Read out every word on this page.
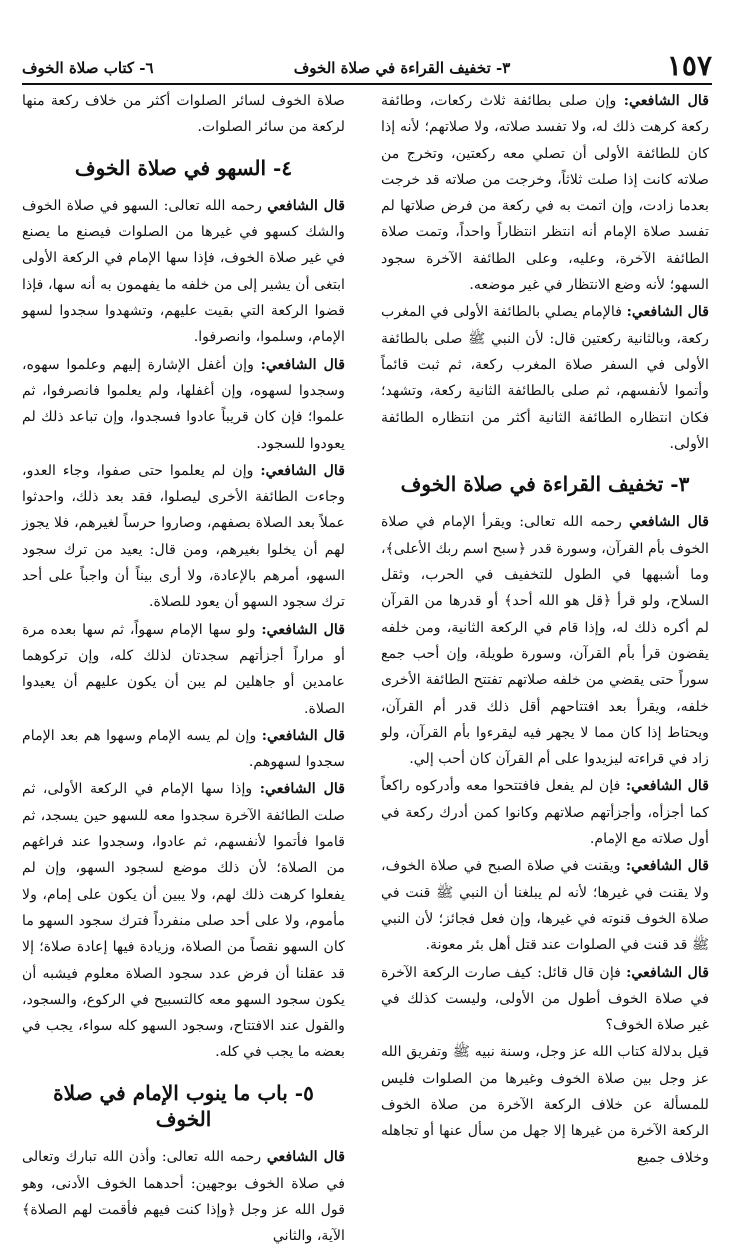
١٥٧
٣- تخفيف القراءة في صلاة الخوف
٦- كتاب صلاة الخوف

قال الشافعي: وإن صلى بطائفة ثلاث ركعات، وطائفة ركعة كرهت ذلك له، ولا تفسد صلاته، ولا صلاتهم؛ لأنه إذا كان للطائفة الأولى أن تصلي معه ركعتين، وتخرج من صلاته كانت إذا صلت ثلاثاً، وخرجت من صلاته قد خرجت بعدما زادت، وإن اتمت به في ركعة من فرض صلاتها لم تفسد صلاة الإمام أنه انتظر انتظاراً واحداً، وتمت صلاة الطائفة الآخرة، وعليه، وعلى الطائفة الآخرة سجود السهو؛ لأنه وضع الانتظار في غير موضعه.

قال الشافعي: فالإمام يصلي بالطائفة الأولى في المغرب ركعة، وبالثانية ركعتين قال: لأن النبي ﷺ صلى بالطائفة الأولى في السفر صلاة المغرب ركعة، ثم ثبت قائماً وأتموا لأنفسهم، ثم صلى بالطائفة الثانية ركعة، وتشهد؛ فكان انتظاره الطائفة الثانية أكثر من انتظاره الطائفة الأولى.

٣- تخفيف القراءة في صلاة الخوف

قال الشافعي رحمه الله تعالى: ويقرأ الإمام في صلاة الخوف بأم القرآن، وسورة قدر ﴿سبح اسم ربك الأعلى﴾، وما أشبهها في الطول للتخفيف في الحرب، وثقل السلاح، ولو قرأ ﴿قل هو الله أحد﴾ أو قدرها من القرآن لم أكره ذلك له، وإذا قام في الركعة الثانية، ومن خلفه يقضون قرأ بأم القرآن، وسورة طويلة، وإن أحب جمع سوراً حتى يقضي من خلفه صلاتهم تفتتح الطائفة الأخرى خلفه، ويقرأ بعد افتتاحهم أقل ذلك قدر أم القرآن، ويحتاط إذا كان مما لا يجهر فيه ليقرءوا بأم القرآن، ولو زاد في قراءته ليزيدوا على أم القرآن كان أحب إلي.

قال الشافعي: فإن لم يفعل فافتتحوا معه وأدركوه راكعاً كما أجزأه، وأجزأتهم صلاتهم وكانوا كمن أدرك ركعة في أول صلاته مع الإمام.

قال الشافعي: ويقنت في صلاة الصبح في صلاة الخوف، ولا يقنت في غيرها؛ لأنه لم يبلغنا أن النبي ﷺ قنت في صلاة الخوف قنوته في غيرها، وإن فعل فجائز؛ لأن النبي ﷺ قد قنت في الصلوات عند قتل أهل بئر معونة.

قال الشافعي: فإن قال قائل: كيف صارت الركعة الآخرة في صلاة الخوف أطول من الأولى، وليست كذلك في غير صلاة الخوف؟

قيل بدلالة كتاب الله عز وجل، وسنة نبيه ﷺ وتفريق الله عز وجل بين صلاة الخوف وغيرها من الصلوات فليس للمسألة عن خلاف الركعة الآخرة من صلاة الخوف الركعة الآخرة من غيرها إلا جهل من سأل عنها أو تجاهله وخلاف جميع

صلاة الخوف لسائر الصلوات أكثر من خلاف ركعة منها لركعة من سائر الصلوات.

٤- السهو في صلاة الخوف

قال الشافعي رحمه الله تعالى: السهو في صلاة الخوف والشك كسهو في غيرها من الصلوات فيصنع ما يصنع في غير صلاة الخوف، فإذا سها الإمام في الركعة الأولى ابتغى أن يشير إلى من خلفه ما يفهمون به أنه سها، فإذا قضوا الركعة التي بقيت عليهم، وتشهدوا سجدوا لسهو الإمام، وسلموا، وانصرفوا.

قال الشافعي: وإن أغفل الإشارة إليهم وعلموا سهوه، وسجدوا لسهوه، وإن أغفلها، ولم يعلموا فانصرفوا، ثم علموا؛ فإن كان قريباً عادوا فسجدوا، وإن تباعد ذلك لم يعودوا للسجود.

قال الشافعي: وإن لم يعلموا حتى صفوا، وجاء العدو، وجاءت الطائفة الأخرى ليصلوا، فقد بعد ذلك، واحدثوا عملاً بعد الصلاة بصفهم، وصاروا حرساً لغيرهم، فلا يجوز لهم أن يخلوا بغيرهم، ومن قال: يعيد من ترك سجود السهو، أمرهم بالإعادة، ولا أرى بيناً أن واجباً على أحد ترك سجود السهو أن يعود للصلاة.

قال الشافعي: ولو سها الإمام سهواً، ثم سها بعده مرة أو مراراً أجزأتهم سجدتان لذلك كله، وإن تركوهما عامدين أو جاهلين لم يبن أن يكون عليهم أن يعيدوا الصلاة.

قال الشافعي: وإن لم يسه الإمام وسهوا هم بعد الإمام سجدوا لسهوهم.

قال الشافعي: وإذا سها الإمام في الركعة الأولى، ثم صلت الطائفة الآخرة سجدوا معه للسهو حين يسجد، ثم قاموا فأتموا لأنفسهم، ثم عادوا، وسجدوا عند فراغهم من الصلاة؛ لأن ذلك موضع لسجود السهو، وإن لم يفعلوا كرهت ذلك لهم، ولا يبين أن يكون على إمام، ولا مأموم، ولا على أحد صلى منفرداً فترك سجود السهو ما كان السهو نقصاً من الصلاة، وزيادة فيها إعادة صلاة؛ إلا قد عقلنا أن فرض عدد سجود الصلاة معلوم فيشبه أن يكون سجود السهو معه كالتسبيح في الركوع، والسجود، والقول عند الافتتاح، وسجود السهو كله سواء، يجب في بعضه ما يجب في كله.

٥- باب ما ينوب الإمام في صلاة الخوف

قال الشافعي رحمه الله تعالى: وأذن الله تبارك وتعالى في صلاة الخوف بوجهين: أحدهما الخوف الأدنى، وهو قول الله عز وجل ﴿وإذا كنت فيهم فأقمت لهم الصلاة﴾ الآية، والثاني
